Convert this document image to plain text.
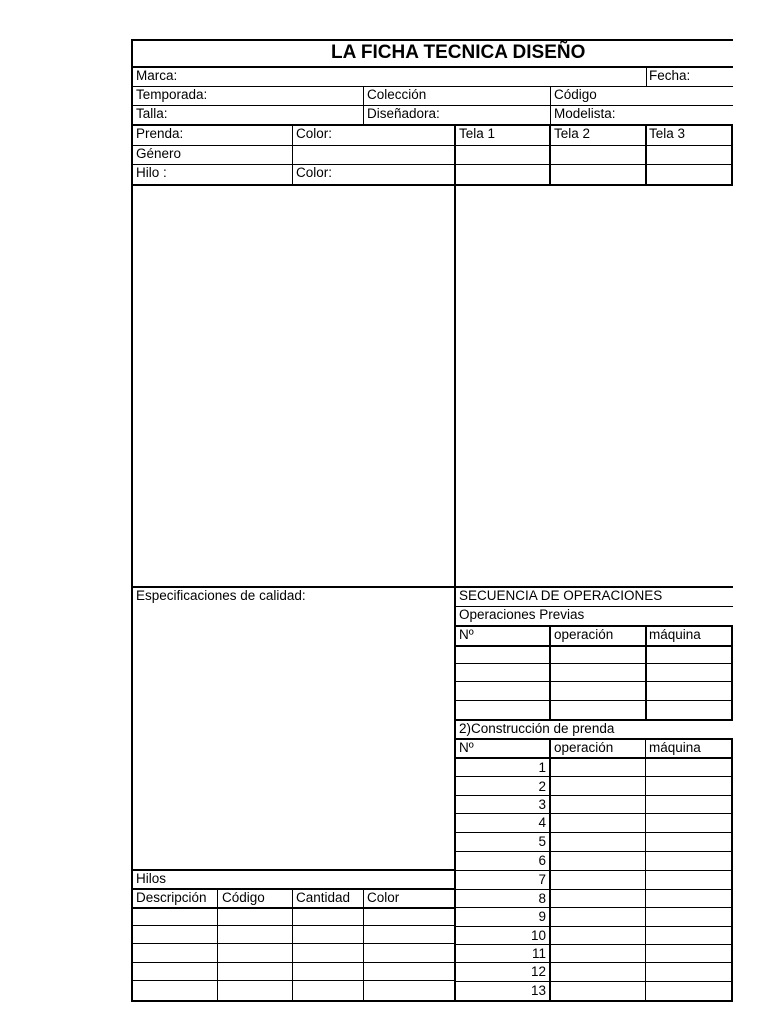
LA FICHA TECNICA DISEÑO
Marca:	Fecha:
Temporada:	Colección	Código
Talla:	Diseñadora:	Modelista:
Prenda:	Color:	Tela 1	Tela 2	Tela 3
Género
Hilo :	Color:
Especificaciones de calidad:	SECUENCIA DE OPERACIONES
Operaciones Previas
Nº	operación	máquina
2)Construcción de prenda
Nº	operación	máquina
1
2
3
4
5
6
7
8
9
10
11
12
13
Hilos
Descripción	Código	Cantidad	Color
